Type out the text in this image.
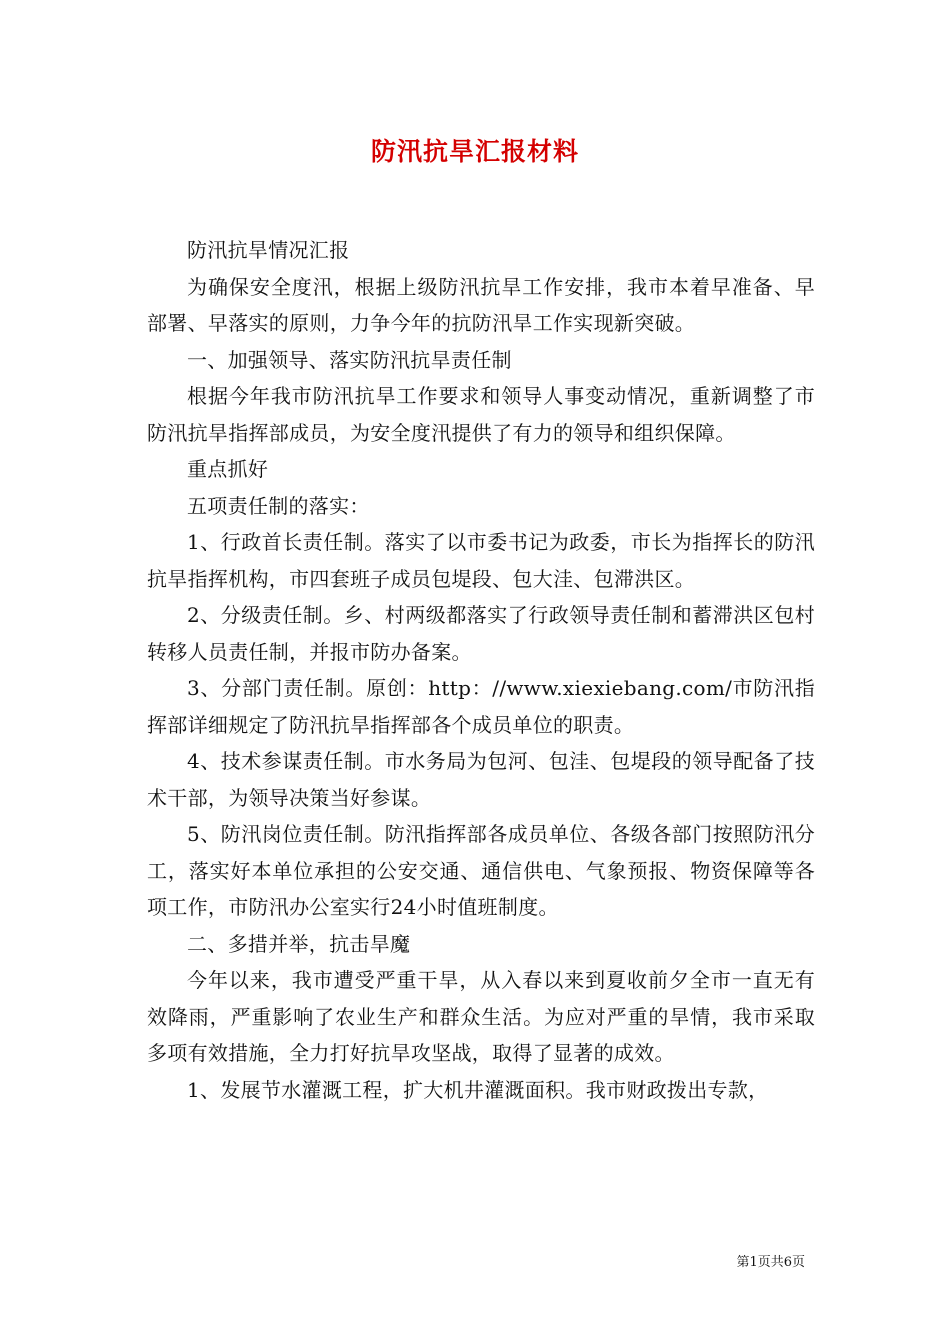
防汛抗旱汇报材料

防汛抗旱情况汇报

为确保安全度汛，根据上级防汛抗旱工作安排，我市本着早准备、早部署、早落实的原则，力争今年的抗防汛旱工作实现新突破。

一、加强领导、落实防汛抗旱责任制

根据今年我市防汛抗旱工作要求和领导人事变动情况，重新调整了市防汛抗旱指挥部成员，为安全度汛提供了有力的领导和组织保障。

重点抓好

五项责任制的落实：

1、行政首长责任制。落实了以市委书记为政委，市长为指挥长的防汛抗旱指挥机构，市四套班子成员包堤段、包大洼、包滞洪区。

2、分级责任制。乡、村两级都落实了行政领导责任制和蓄滞洪区包村转移人员责任制，并报市防办备案。

3、分部门责任制。原创：http：//www.xiexiebang.com/市防汛指挥部详细规定了防汛抗旱指挥部各个成员单位的职责。

4、技术参谋责任制。市水务局为包河、包洼、包堤段的领导配备了技术干部，为领导决策当好参谋。

5、防汛岗位责任制。防汛指挥部各成员单位、各级各部门按照防汛分工，落实好本单位承担的公安交通、通信供电、气象预报、物资保障等各项工作，市防汛办公室实行24小时值班制度。

二、多措并举，抗击旱魔

今年以来，我市遭受严重干旱，从入春以来到夏收前夕全市一直无有效降雨，严重影响了农业生产和群众生活。为应对严重的旱情，我市采取多项有效措施，全力打好抗旱攻坚战，取得了显著的成效。

1、发展节水灌溉工程，扩大机井灌溉面积。我市财政拨出专款，

第1页共6页
